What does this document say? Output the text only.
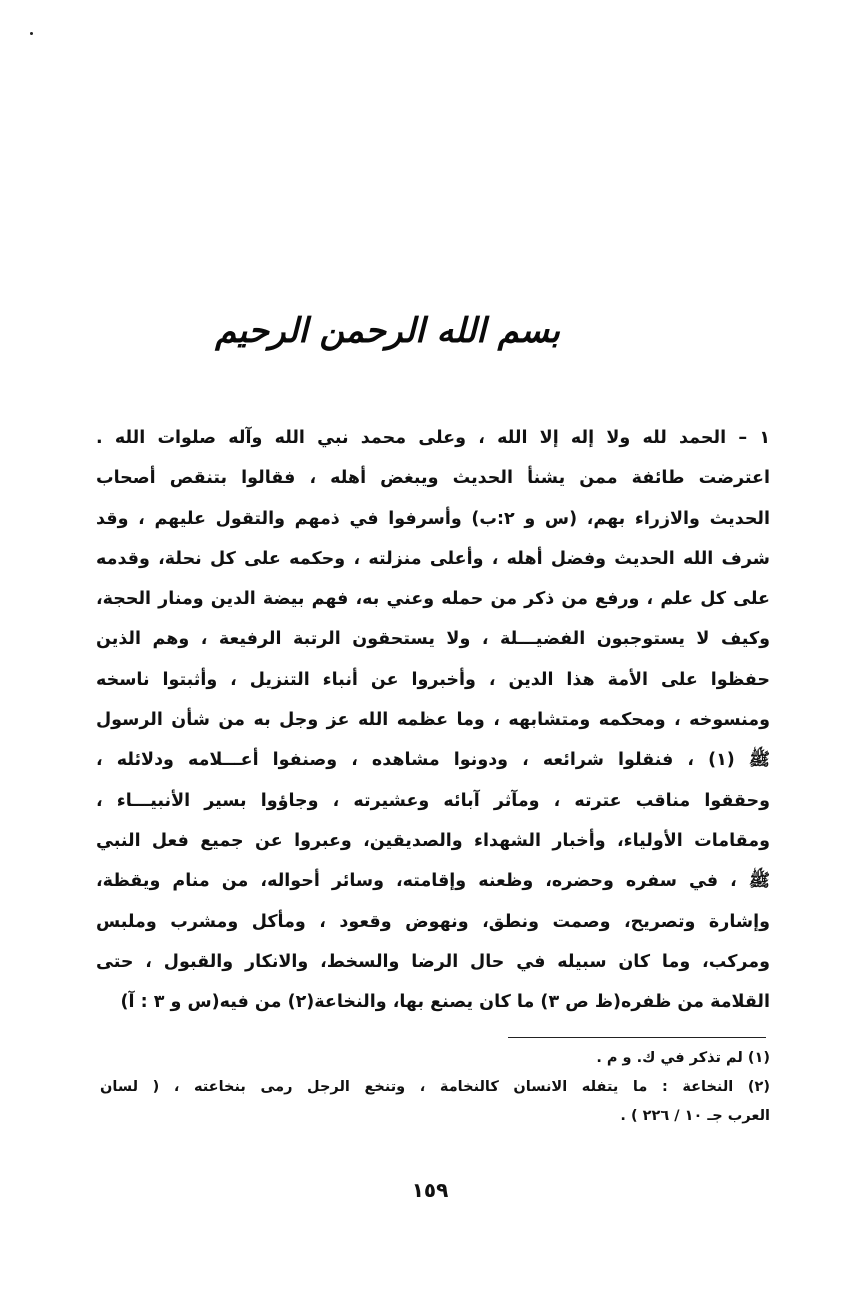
بسم الله الرحمن الرحيم
١ – الحمد لله ولا إله إلا الله ، وعلى محمد نبي الله وآله صلوات الله .
اعترضت طائفة ممن يشنأ الحديث ويبغض أهله ، فقالوا بتنقص أصحاب
الحديث والازراء بهم، (س و ٢:ب) وأسرفوا في ذمهم والتقول عليهم ، وقد
شرف الله الحديث وفضل أهله ، وأعلى منزلته ، وحكمه على كل نحلة، وقدمه
على كل علم ، ورفع من ذكر من حمله وعني به، فهم بيضة الدين ومنار الحجة،
وكيف لا يستوجبون الفضيـــلة ، ولا يستحقون الرتبة الرفيعة ، وهم الذين
حفظوا على الأمة هذا الدين ، وأخبروا عن أنباء التنزيل ، وأثبتوا ناسخه
ومنسوخه ، ومحكمه ومتشابهه ، وما عظمه الله عز وجل به من شأن الرسول
ﷺ (١) ، فنقلوا شرائعه ، ودونوا مشاهده ، وصنفوا أعـــلامه ودلائله ،
وحققوا مناقب عترته ، ومآثر آبائه وعشيرته ، وجاؤوا بسير الأنبيـــاء ،
ومقامات الأولياء، وأخبار الشهداء والصديقين، وعبروا عن جميع فعل النبي
ﷺ ، في سفره وحضره، وظعنه وإقامته، وسائر أحواله، من منام ويقظة،
وإشارة وتصريح، وصمت ونطق، ونهوض وقعود ، ومأكل ومشرب وملبس
ومركب، وما كان سبيله في حال الرضا والسخط، والانكار والقبول ، حتى
القلامة من ظفره(ظ ص ٣) ما كان يصنع بها، والنخاعة(٢) من فيه(س و ٣ : آ)
(١) لم تذكر في ك. و م .
(٢) النخاعة : ما يتفله الانسان كالنخامة ، وتنخع الرجل رمى بنخاعته ، ( لسان
العرب جـ ١٠ / ٢٢٦ ) .
١٥٩
